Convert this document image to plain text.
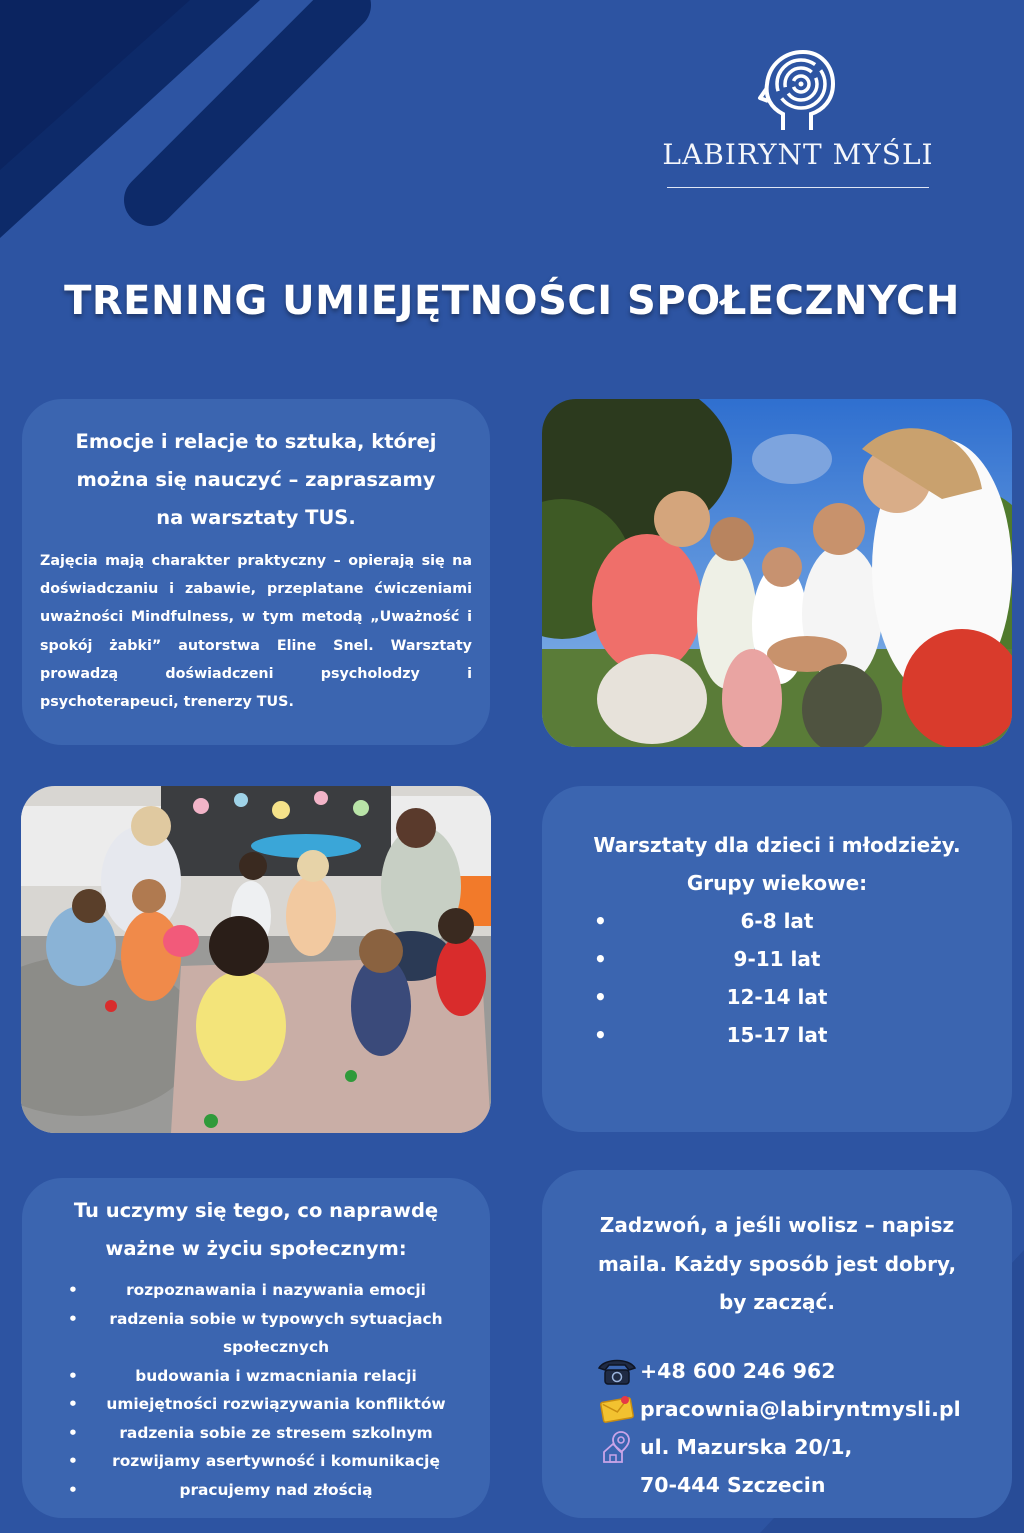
LABIRYNT MYŚLI
TRENING UMIEJĘTNOŚCI SPOŁECZNYCH
Emocje i relacje to sztuka, której
można się nauczyć – zapraszamy
na warsztaty TUS.

Zajęcia mają charakter praktyczny – opierają się na doświadczaniu i zabawie, przeplatane ćwiczeniami uważności Mindfulness, w tym metodą „Uważność i spokój żabki” autorstwa Eline Snel. Warsztaty prowadzą doświadczeni psycholodzy i psychoterapeuci, trenerzy TUS.

Warsztaty dla dzieci i młodzieży.
Grupy wiekowe:
•	6-8 lat
•	9-11 lat
•	12-14 lat
•	15-17 lat
Tu uczymy się tego, co naprawdę
ważne w życiu społecznym:
•	rozpoznawania i nazywania emocji
• radzenia sobie w typowych sytuacjach społecznych
•	budowania i wzmacniania relacji
• umiejętności rozwiązywania konfliktów
•	radzenia sobie ze stresem szkolnym
• rozwijamy asertywność i komunikację
•	pracujemy nad złością
Zadzwoń, a jeśli wolisz – napisz
maila. Każdy sposób jest dobry,
by zacząć.
+48 600 246 962
pracownia@labiryntmysli.pl
ul. Mazurska 20/1,
70-444 Szczecin
